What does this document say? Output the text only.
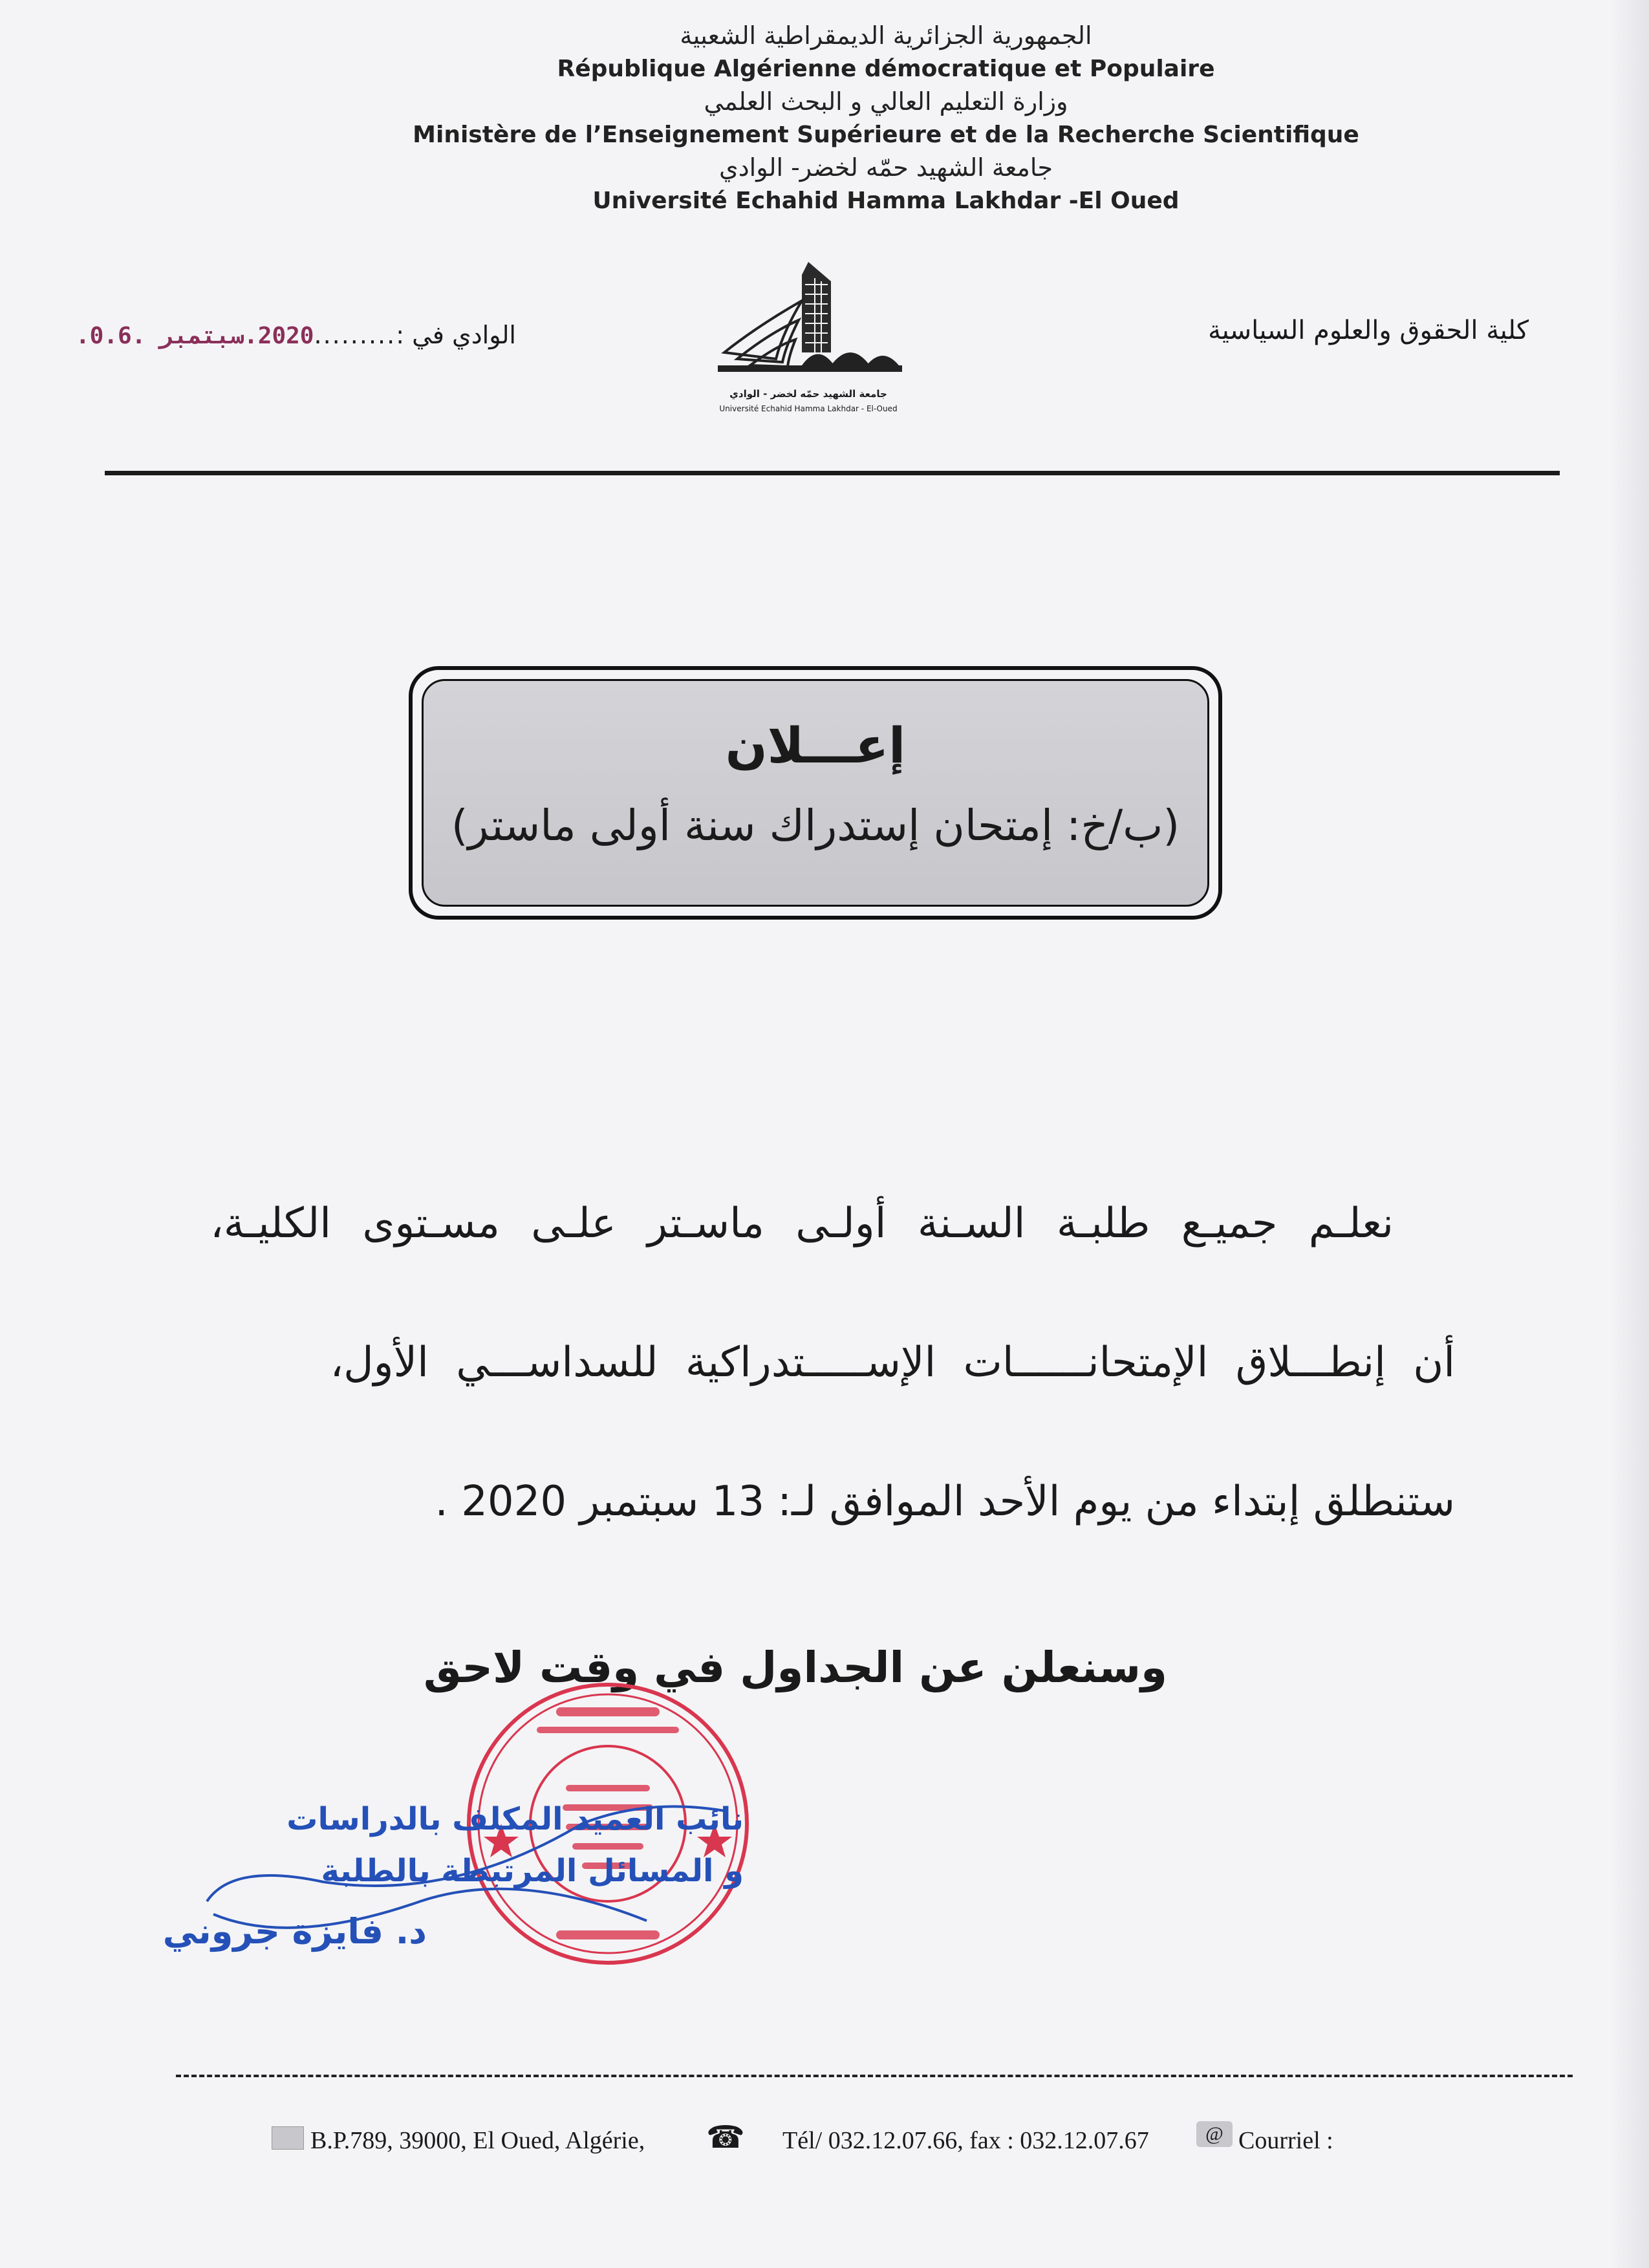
الجمهورية الجزائرية الديمقراطية الشعبية
République Algérienne démocratique et Populaire
وزارة التعليم العالي و البحث العلمي
Ministère de l’Enseignement Supérieure et de la Recherche Scientifique
جامعة الشهيد حمّه لخضر- الوادي
Université Echahid Hamma Lakhdar -El Oued
كلية الحقوق والعلوم السياسية
الوادي في :.........2020.سبتمبر .0.6.
جامعة الشهيد حمّه لخضر - الوادي
Université Echahid Hamma Lakhdar - El-Oued
إعـــلان
(ب/خ: إمتحان إستدراك سنة أولى ماستر)
نعلـم جميـع طلبـة السـنة أولـى ماسـتر علـى مسـتوى الكليـة،
أن إنطـــلاق الإمتحانــــــات الإســـــتدراكية للسداســـي الأول،
ستنطلق إبتداء من يوم الأحد الموافق لـ: 13 سبتمبر 2020 .
وسنعلن عن الجداول في وقت لاحق
نائب العميد المكلف بالدراسات
و المسائل المرتبطة بالطلبة
د. فايزة جروني
B.P.789, 39000, El Oued, Algérie, ☎ Tél/ 032.12.07.66, fax : 032.12.07.67	@ Courriel :
